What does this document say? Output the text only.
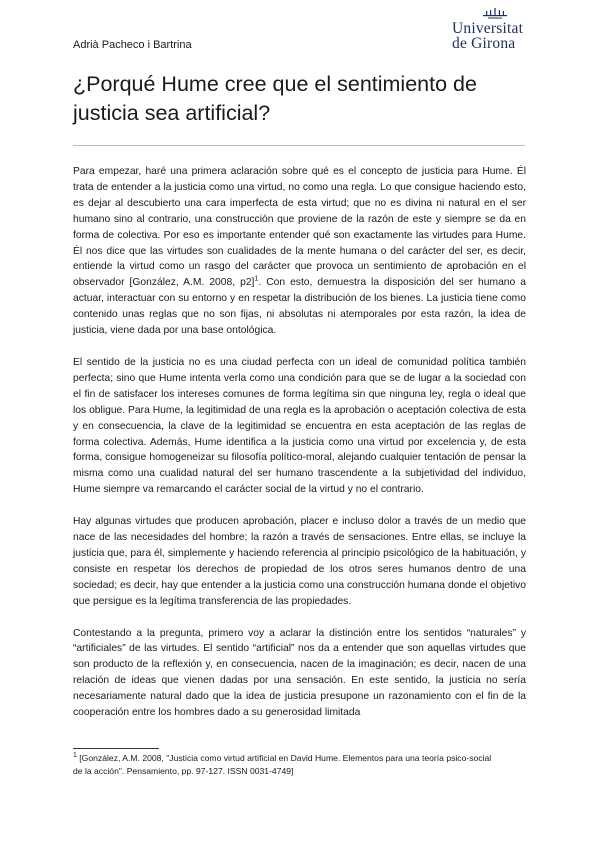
Adrià Pacheco i Bartrina
Universitat
de Girona
¿Porqué Hume cree que el sentimiento de justicia sea artificial?

Para empezar, haré una primera aclaración sobre qué es el concepto de justicia para Hume. Él trata de entender a la justicia como una virtud, no como una regla. Lo que consigue haciendo esto, es dejar al descubierto una cara imperfecta de esta virtud; que no es divina ni natural en el ser humano sino al contrario, una construcción que proviene de la razón de este y siempre se da en forma de colectiva. Por eso es importante entender qué son exactamente las virtudes para Hume. Él nos dice que las virtudes son cualidades de la mente humana o del carácter del ser, es decir, entiende la virtud como un rasgo del carácter que provoca un sentimiento de aprobación en el observador [González, A.M. 2008, p2]$^1$. Con esto, demuestra la disposición del ser humano a actuar, interactuar con su entorno y en respetar la distribución de los bienes. La justicia tiene como contenido unas reglas que no son fijas, ni absolutas ni atemporales por esta razón, la idea de justicia, viene dada por una base ontológica.

El sentido de la justicia no es una ciudad perfecta con un ideal de comunidad política también perfecta; sino que Hume intenta verla como una condición para que se de lugar a la sociedad con el fin de satisfacer los intereses comunes de forma legítima sin que ninguna ley, regla o ideal que los obligue. Para Hume, la legitimidad de una regla es la aprobación o aceptación colectiva de esta y en consecuencia, la clave de la legitimidad se encuentra en esta aceptación de las reglas de forma colectiva. Además, Hume identifica a la justicia como una virtud por excelencia y, de esta forma, consigue homogeneizar su filosofía político-moral, alejando cualquier tentación de pensar la misma como una cualidad natural del ser humano trascendente a la subjetividad del individuo, Hume siempre va remarcando el carácter social de la virtud y no el contrario.

Hay algunas virtudes que producen aprobación, placer e incluso dolor a través de un medio que nace de las necesidades del hombre; la razón a través de sensaciones. Entre ellas, se incluye la justicia que, para él, simplemente y haciendo referencia al principio psicológico de la habituación, y consiste en respetar los derechos de propiedad de los otros seres humanos dentro de una sociedad; es decir, hay que entender a la justicia como una construcción humana donde el objetivo que persigue es la legítima transferencia de las propiedades.

Contestando a la pregunta, primero voy a aclarar la distinción entre los sentidos “naturales” y “artificiales” de las virtudes. El sentido “artificial” nos da a entender que son aquellas virtudes que son producto de la reflexión y, en consecuencia, nacen de la imaginación; es decir, nacen de una relación de ideas que vienen dadas por una sensación. En este sentido, la justicia no sería necesariamente natural dado que la idea de justicia presupone un razonamiento con el fin de la cooperación entre los hombres dado a su generosidad limitada

$^1$ [González, A.M. 2008, "Justicia como virtud artificial en David Hume. Elementos para una teoría psico-social de la acción". Pensamiento, pp. 97-127. ISSN 0031-4749]
